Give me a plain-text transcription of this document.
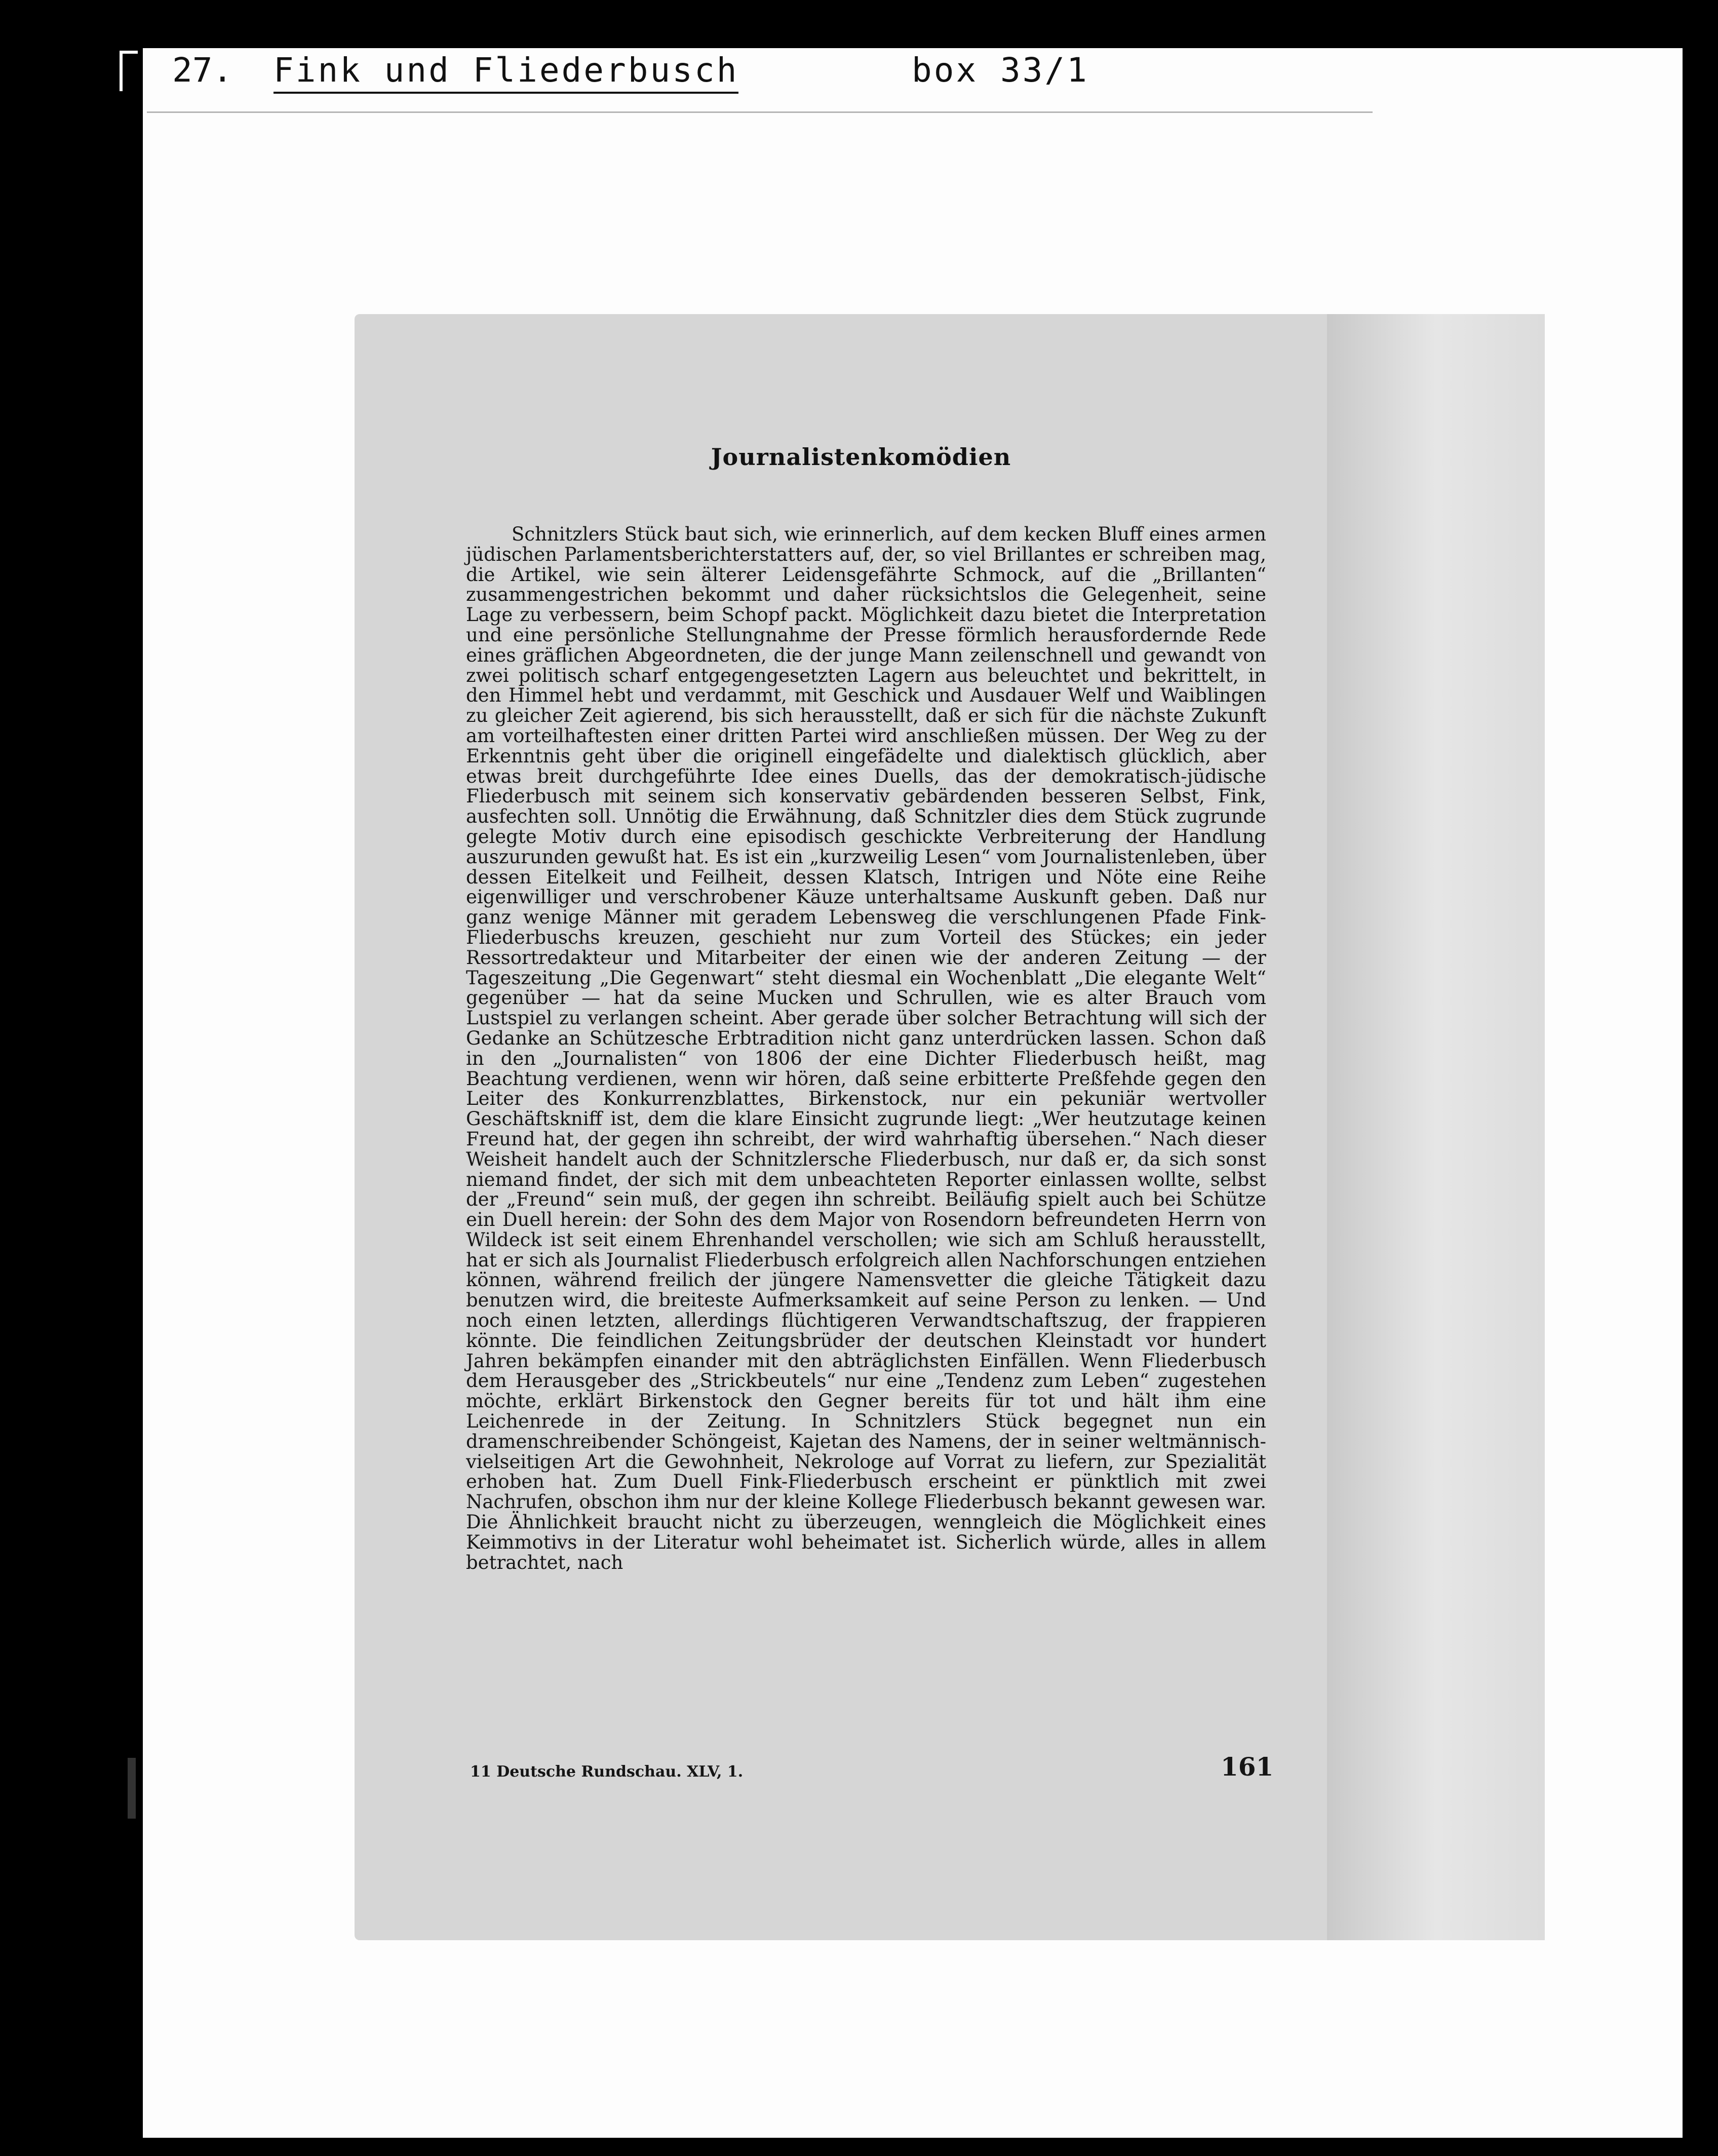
27.

Fink und Fliederbusch

	box 33/1

Journalistenkomödien

Schnitzlers Stück baut sich, wie erinnerlich, auf dem kecken Bluff eines armen jüdischen Parlamentsberichterstatters auf, der, so viel Brillantes er schreiben mag, die Artikel, wie sein älterer Leidensgefährte Schmock, auf die „Brillanten“ zusammengestrichen bekommt und daher rücksichtslos die Gelegenheit, seine Lage zu verbessern, beim Schopf packt. Möglichkeit dazu bietet die Interpretation und eine persönliche Stellungnahme der Presse förmlich herausfordernde Rede eines gräflichen Abgeordneten, die der junge Mann zeilenschnell und gewandt von zwei politisch scharf entgegengesetzten Lagern aus beleuchtet und bekrittelt, in den Himmel hebt und verdammt, mit Geschick und Ausdauer Welf und Waiblingen zu gleicher Zeit agierend, bis sich herausstellt, daß er sich für die nächste Zukunft am vorteilhaftesten einer dritten Partei wird anschließen müssen. Der Weg zu der Erkenntnis geht über die originell eingefädelte und dialektisch glücklich, aber etwas breit durchgeführte Idee eines Duells, das der demokratisch-jüdische Fliederbusch mit seinem sich konservativ gebärdenden besseren Selbst, Fink, ausfechten soll. Unnötig die Erwähnung, daß Schnitzler dies dem Stück zugrunde gelegte Motiv durch eine episodisch geschickte Verbreiterung der Handlung auszurunden gewußt hat. Es ist ein „kurzweilig Lesen“ vom Journalistenleben, über dessen Eitelkeit und Feilheit, dessen Klatsch, Intrigen und Nöte eine Reihe eigenwilliger und verschrobener Käuze unterhaltsame Auskunft geben. Daß nur ganz wenige Männer mit geradem Lebensweg die verschlungenen Pfade Fink-Fliederbuschs kreuzen, geschieht nur zum Vorteil des Stückes; ein jeder Ressortredakteur und Mitarbeiter der einen wie der anderen Zeitung — der Tageszeitung „Die Gegenwart“ steht diesmal ein Wochenblatt „Die elegante Welt“ gegenüber — hat da seine Mucken und Schrullen, wie es alter Brauch vom Lustspiel zu verlangen scheint. Aber gerade über solcher Betrachtung will sich der Gedanke an Schützesche Erbtradition nicht ganz unterdrücken lassen. Schon daß in den „Journalisten“ von 1806 der eine Dichter Fliederbusch heißt, mag Beachtung verdienen, wenn wir hören, daß seine erbitterte Preßfehde gegen den Leiter des Konkurrenzblattes, Birkenstock, nur ein pekuniär wertvoller Geschäftskniff ist, dem die klare Einsicht zugrunde liegt: „Wer heutzutage keinen Freund hat, der gegen ihn schreibt, der wird wahrhaftig übersehen.“ Nach dieser Weisheit handelt auch der Schnitzlersche Fliederbusch, nur daß er, da sich sonst niemand findet, der sich mit dem unbeachteten Reporter einlassen wollte, selbst der „Freund“ sein muß, der gegen ihn schreibt. Beiläufig spielt auch bei Schütze ein Duell herein: der Sohn des dem Major von Rosendorn befreundeten Herrn von Wildeck ist seit einem Ehrenhandel verschollen; wie sich am Schluß herausstellt, hat er sich als Journalist Fliederbusch erfolgreich allen Nachforschungen entziehen können, während freilich der jüngere Namensvetter die gleiche Tätigkeit dazu benutzen wird, die breiteste Aufmerksamkeit auf seine Person zu lenken. — Und noch einen letzten, allerdings flüchtigeren Verwandtschaftszug, der frappieren könnte. Die feindlichen Zeitungsbrüder der deutschen Kleinstadt vor hundert Jahren bekämpfen einander mit den abträglichsten Einfällen. Wenn Fliederbusch dem Herausgeber des „Strickbeutels“ nur eine „Tendenz zum Leben“ zugestehen möchte, erklärt Birkenstock den Gegner bereits für tot und hält ihm eine Leichenrede in der Zeitung. In Schnitzlers Stück begegnet nun ein dramenschreibender Schöngeist, Kajetan des Namens, der in seiner weltmännisch-vielseitigen Art die Gewohnheit, Nekrologe auf Vorrat zu liefern, zur Spezialität erhoben hat. Zum Duell Fink-Fliederbusch erscheint er pünktlich mit zwei Nachrufen, obschon ihm nur der kleine Kollege Fliederbusch bekannt gewesen war. Die Ähnlichkeit braucht nicht zu überzeugen, wenngleich die Möglichkeit eines Keimmotivs in der Literatur wohl beheimatet ist. Sicherlich würde, alles in allem betrachtet, nach

11 Deutsche Rundschau. XLV, 1.	161
